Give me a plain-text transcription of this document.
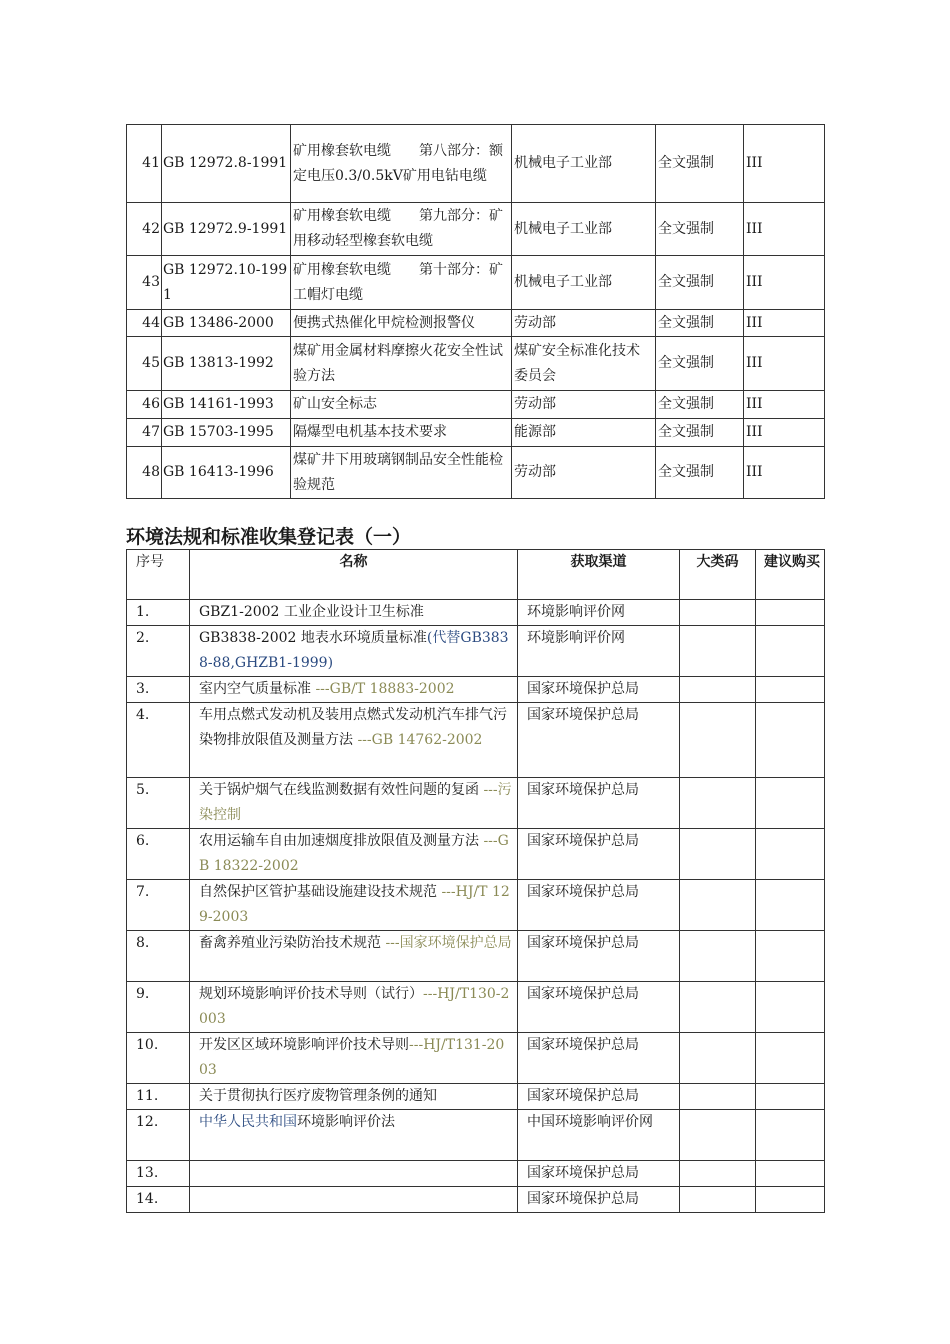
41	GB 12972.8-1991	矿用橡套软电缆　　第八部分：额定电压0.3/0.5kV矿用电钻电缆	机械电子工业部	全文强制	III
42	GB 12972.9-1991	矿用橡套软电缆　　第九部分：矿用移动轻型橡套软电缆	机械电子工业部	全文强制	III
43	GB 12972.10-1991	矿用橡套软电缆　　第十部分：矿工帽灯电缆	机械电子工业部	全文强制	III
44	GB 13486-2000	便携式热催化甲烷检测报警仪	劳动部	全文强制	III
45	GB 13813-1992	煤矿用金属材料摩擦火花安全性试验方法	煤矿安全标准化技术委员会	全文强制	III
46	GB 14161-1993	矿山安全标志	劳动部	全文强制	III
47	GB 15703-1995	隔爆型电机基本技术要求	能源部	全文强制	III
48	GB 16413-1996	煤矿井下用玻璃钢制品安全性能检验规范	劳动部	全文强制	III
环境法规和标准收集登记表（一）
序号	名称	获取渠道	大类码	建议购买
1.	GBZ1-2002 工业企业设计卫生标准	环境影响评价网		
2.	GB3838-2002 地表水环境质量标准(代替GB3838-88,GHZB1-1999)	环境影响评价网		
3.	室内空气质量标准 ---GB/T 18883-2002	国家环境保护总局		
4.	车用点燃式发动机及装用点燃式发动机汽车排气污染物排放限值及测量方法 ---GB 14762-2002	国家环境保护总局		
5.	关于锅炉烟气在线监测数据有效性问题的复函 ---污染控制	国家环境保护总局		
6.	农用运输车自由加速烟度排放限值及测量方法 ---GB 18322-2002	国家环境保护总局		
7.	自然保护区管护基础设施建设技术规范 ---HJ/T 129-2003	国家环境保护总局		
8.	畜禽养殖业污染防治技术规范 ---国家环境保护总局	国家环境保护总局		
9.	规划环境影响评价技术导则（试行）---HJ/T130-2003	国家环境保护总局		
10.	开发区区域环境影响评价技术导则---HJ/T131-2003	国家环境保护总局		
11.	关于贯彻执行医疗废物管理条例的通知	国家环境保护总局		
12.	中华人民共和国环境影响评价法	中国环境影响评价网		
13.		国家环境保护总局		
14.		国家环境保护总局		
